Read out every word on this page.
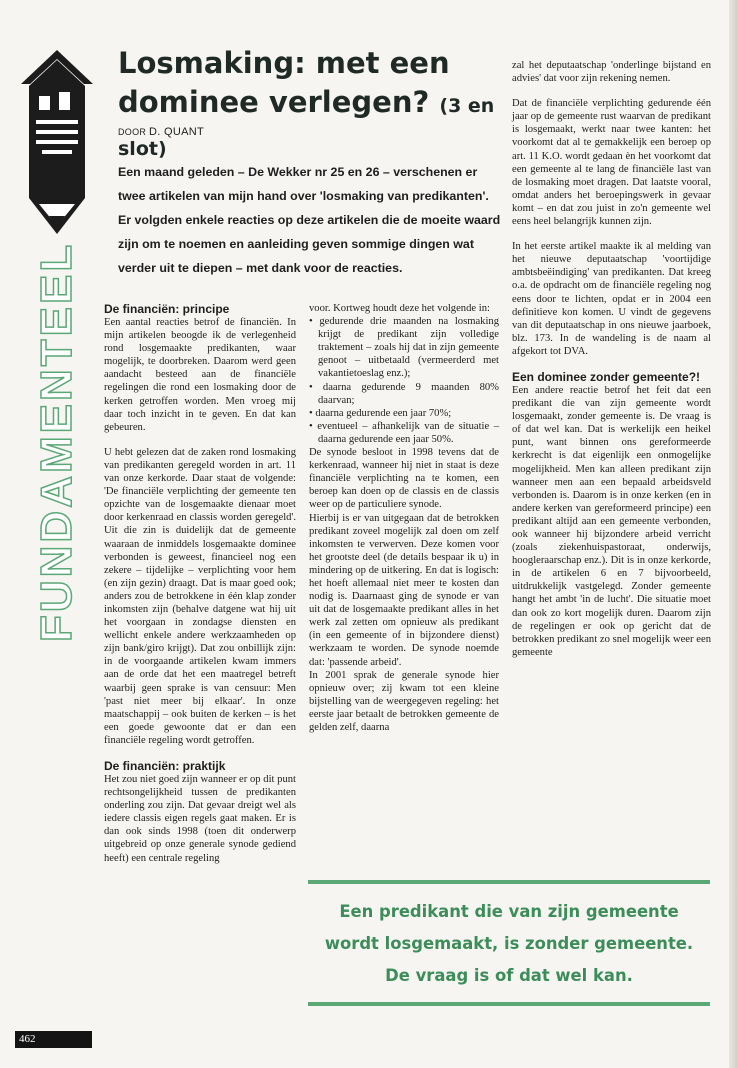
FUNDAMENTEEL
Losmaking: met een dominee verlegen? (3 en slot)
DOOR D. QUANT

Een maand geleden – De Wekker nr 25 en 26 – verschenen er twee artikelen van mijn hand over 'losmaking van predikanten'. Er volgden enkele reacties op deze artikelen die de moeite waard zijn om te noemen en aanleiding geven sommige dingen wat verder uit te diepen – met dank voor de reacties.

De financiën: principe

Een aantal reacties betrof de financiën. In mijn artikelen beoogde ik de verlegenheid rond losgemaakte predikanten, waar mogelijk, te doorbreken. Daarom werd geen aandacht besteed aan de financiële regelingen die rond een losmaking door de kerken getroffen worden. Men vroeg mij daar toch inzicht in te geven. En dat kan gebeuren.

U hebt gelezen dat de zaken rond losmaking van predikanten geregeld worden in art. 11 van onze kerkorde. Daar staat de volgende: 'De financiële verplichting der gemeente ten opzichte van de losgemaakte dienaar moet door kerkenraad en classis worden geregeld'. Uit die zin is duidelijk dat de gemeente waaraan de inmiddels losgemaakte dominee verbonden is geweest, financieel nog een zekere – tijdelijke – verplichting voor hem (en zijn gezin) draagt. Dat is maar goed ook; anders zou de betrokkene in één klap zonder inkomsten zijn (behalve datgene wat hij uit het voorgaan in zondagse diensten en wellicht enkele andere werkzaamheden op zijn bank/giro krijgt). Dat zou onbillijk zijn: in de voorgaande artikelen kwam immers aan de orde dat het een maatregel betreft waarbij geen sprake is van censuur: Men 'past niet meer bij elkaar'. In onze maatschappij – ook buiten de kerken – is het een goede gewoonte dat er dan een financiële regeling wordt getroffen.

De financiën: praktijk

Het zou niet goed zijn wanneer er op dit punt rechtsongelijkheid tussen de predikanten onderling zou zijn. Dat gevaar dreigt wel als iedere classis eigen regels gaat maken. Er is dan ook sinds 1998 (toen dit onderwerp uitgebreid op onze generale synode gediend heeft) een centrale regeling

voor. Kortweg houdt deze het volgende in:

• gedurende drie maanden na losmaking krijgt de predikant zijn volledige traktement – zoals hij dat in zijn gemeente genoot – uitbetaald (vermeerderd met vakantietoeslag enz.);
• daarna gedurende 9 maanden 80% daarvan;
• daarna gedurende een jaar 70%;
• eventueel – afhankelijk van de situatie – daarna gedurende een jaar 50%.

De synode besloot in 1998 tevens dat de kerkenraad, wanneer hij niet in staat is deze financiële verplichting na te komen, een beroep kan doen op de classis en de classis weer op de particuliere synode.

Hierbij is er van uitgegaan dat de betrokken predikant zoveel mogelijk zal doen om zelf inkomsten te verwerven. Deze komen voor het grootste deel (de details bespaar ik u) in mindering op de uitkering. En dat is logisch: het hoeft allemaal niet meer te kosten dan nodig is. Daarnaast ging de synode er van uit dat de losgemaakte predikant alles in het werk zal zetten om opnieuw als predikant (in een gemeente of in bijzondere dienst) werkzaam te worden. De synode noemde dat: 'passende arbeid'.

In 2001 sprak de generale synode hier opnieuw over; zij kwam tot een kleine bijstelling van de weergegeven regeling: het eerste jaar betaalt de betrokken gemeente de gelden zelf, daarna

zal het deputaatschap 'onderlinge bijstand en advies' dat voor zijn rekening nemen.

Dat de financiële verplichting gedurende één jaar op de gemeente rust waarvan de predikant is losgemaakt, werkt naar twee kanten: het voorkomt dat al te gemakkelijk een beroep op art. 11 K.O. wordt gedaan èn het voorkomt dat een gemeente al te lang de financiële last van de losmaking moet dragen. Dat laatste vooral, omdat anders het beroepingswerk in gevaar komt – en dat zou juist in zo'n gemeente wel eens heel belangrijk kunnen zijn.

In het eerste artikel maakte ik al melding van het nieuwe deputaatschap 'voortijdige ambtsbeëindiging' van predikanten. Dat kreeg o.a. de opdracht om de financiële regeling nog eens door te lichten, opdat er in 2004 een definitieve kon komen. U vindt de gegevens van dit deputaatschap in ons nieuwe jaarboek, blz. 173. In de wandeling is de naam al afgekort tot DVA.

Een dominee zonder gemeente?!

Een andere reactie betrof het feit dat een predikant die van zijn gemeente wordt losgemaakt, zonder gemeente is. De vraag is of dat wel kan. Dat is werkelijk een heikel punt, want binnen ons gereformeerde kerkrecht is dat eigenlijk een onmogelijke mogelijkheid. Men kan alleen predikant zijn wanneer men aan een bepaald arbeidsveld verbonden is. Daarom is in onze kerken (en in andere kerken van gereformeerd principe) een predikant altijd aan een gemeente verbonden, ook wanneer hij bijzondere arbeid verricht (zoals ziekenhuispastoraat, onderwijs, hoogleraarschap enz.). Dit is in onze kerkorde, in de artikelen 6 en 7 bijvoorbeeld, uitdrukkelijk vastgelegd. Zonder gemeente hangt het ambt 'in de lucht'. Die situatie moet dan ook zo kort mogelijk duren. Daarom zijn de regelingen er ook op gericht dat de betrokken predikant zo snel mogelijk weer een gemeente

Een predikant die van zijn gemeente
wordt losgemaakt, is zonder gemeente.
De vraag is of dat wel kan.
462
